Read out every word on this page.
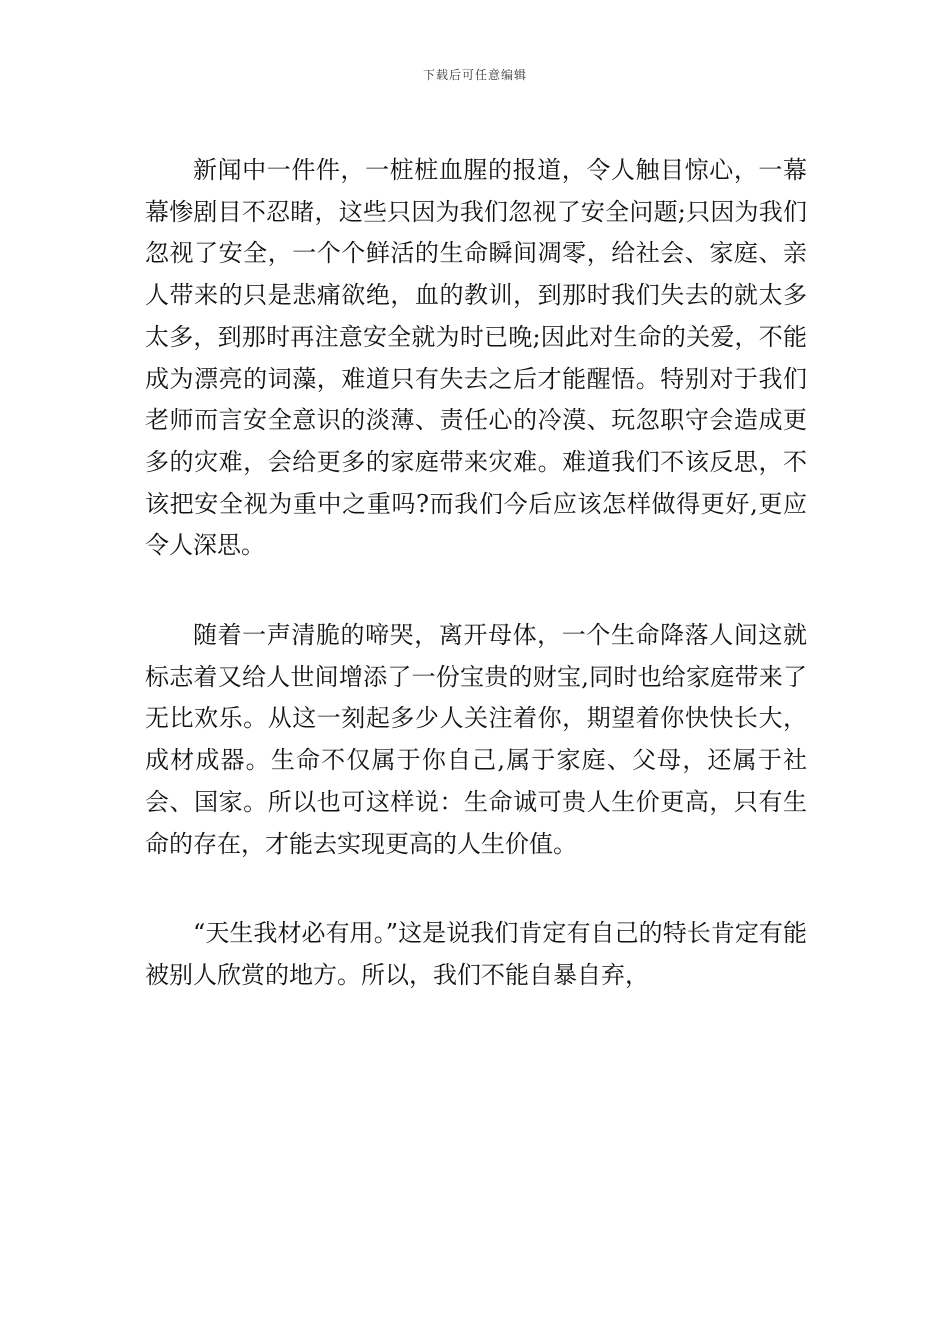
下载后可任意编辑

新闻中一件件，一桩桩血腥的报道，令人触目惊心，一幕幕惨剧目不忍睹，这些只因为我们忽视了安全问题;只因为我们忽视了安全，一个个鲜活的生命瞬间凋零，给社会、家庭、亲人带来的只是悲痛欲绝，血的教训，到那时我们失去的就太多太多，到那时再注意安全就为时已晚;因此对生命的关爱，不能成为漂亮的词藻，难道只有失去之后才能醒悟。特别对于我们老师而言安全意识的淡薄、责任心的冷漠、玩忽职守会造成更多的灾难，会给更多的家庭带来灾难。难道我们不该反思，不该把安全视为重中之重吗?而我们今后应该怎样做得更好,更应令人深思。

随着一声清脆的啼哭，离开母体，一个生命降落人间这就标志着又给人世间增添了一份宝贵的财宝,同时也给家庭带来了无比欢乐。从这一刻起多少人关注着你，期望着你快快长大，成材成器。生命不仅属于你自己,属于家庭、父母，还属于社会、国家。所以也可这样说：生命诚可贵人生价更高，只有生命的存在，才能去实现更高的人生价值。

“天生我材必有用。”这是说我们肯定有自己的特长肯定有能被别人欣赏的地方。所以，我们不能自暴自弃，
